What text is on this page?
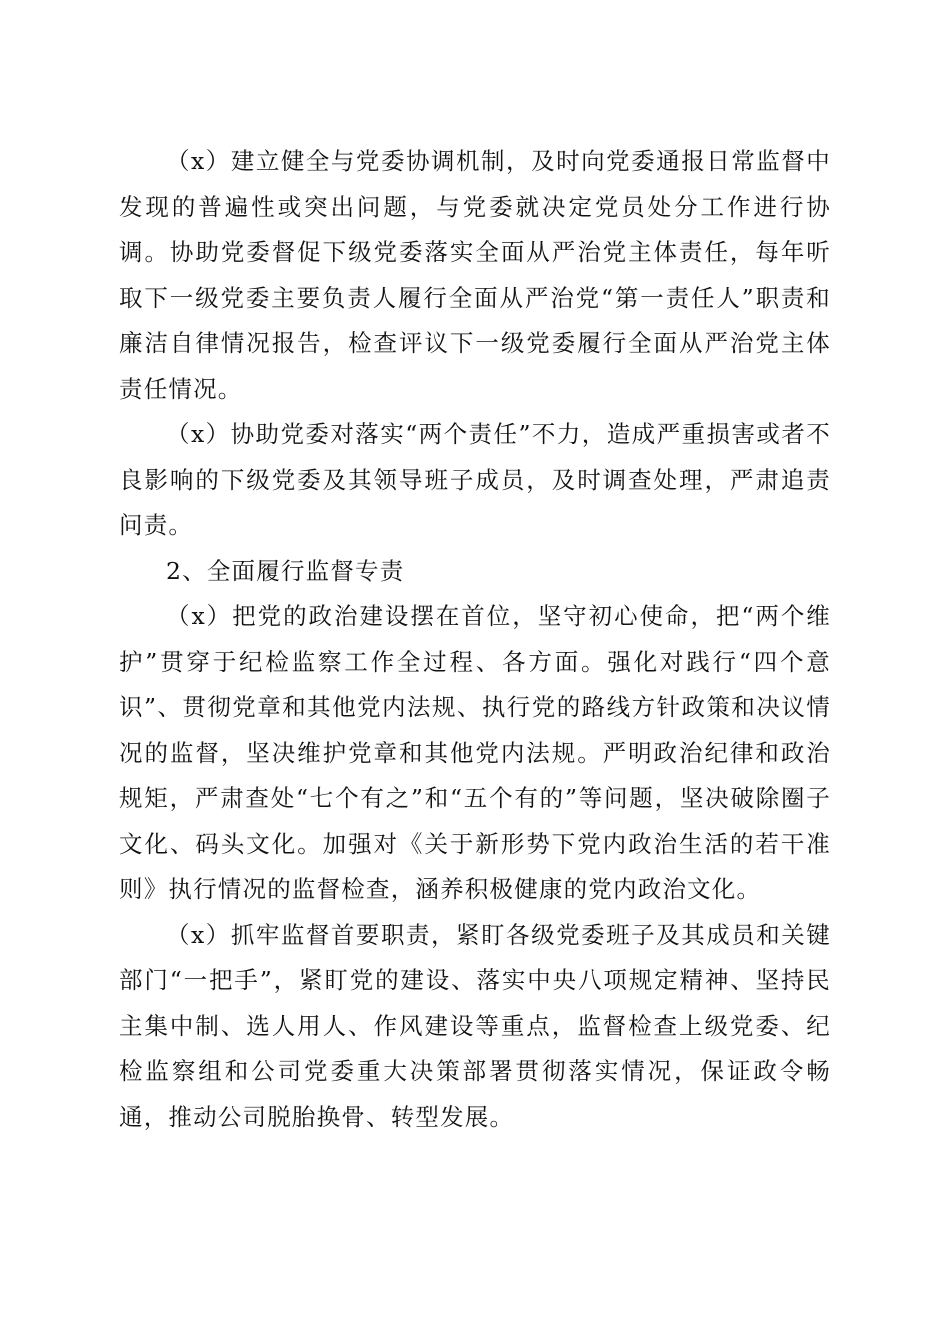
（x）建立健全与党委协调机制，及时向党委通报日常监督中发现的普遍性或突出问题，与党委就决定党员处分工作进行协调。协助党委督促下级党委落实全面从严治党主体责任，每年听取下一级党委主要负责人履行全面从严治党“第一责任人”职责和廉洁自律情况报告，检查评议下一级党委履行全面从严治党主体责任情况。

（x）协助党委对落实“两个责任”不力，造成严重损害或者不良影响的下级党委及其领导班子成员，及时调查处理，严肃追责问责。

2、全面履行监督专责

（x）把党的政治建设摆在首位，坚守初心使命，把“两个维护”贯穿于纪检监察工作全过程、各方面。强化对践行“四个意识”、贯彻党章和其他党内法规、执行党的路线方针政策和决议情况的监督，坚决维护党章和其他党内法规。严明政治纪律和政治规矩，严肃查处“七个有之”和“五个有的”等问题，坚决破除圈子文化、码头文化。加强对《关于新形势下党内政治生活的若干准则》执行情况的监督检查，涵养积极健康的党内政治文化。

（x）抓牢监督首要职责，紧盯各级党委班子及其成员和关键部门“一把手”，紧盯党的建设、落实中央八项规定精神、坚持民主集中制、选人用人、作风建设等重点，监督检查上级党委、纪检监察组和公司党委重大决策部署贯彻落实情况，保证政令畅通，推动公司脱胎换骨、转型发展。
